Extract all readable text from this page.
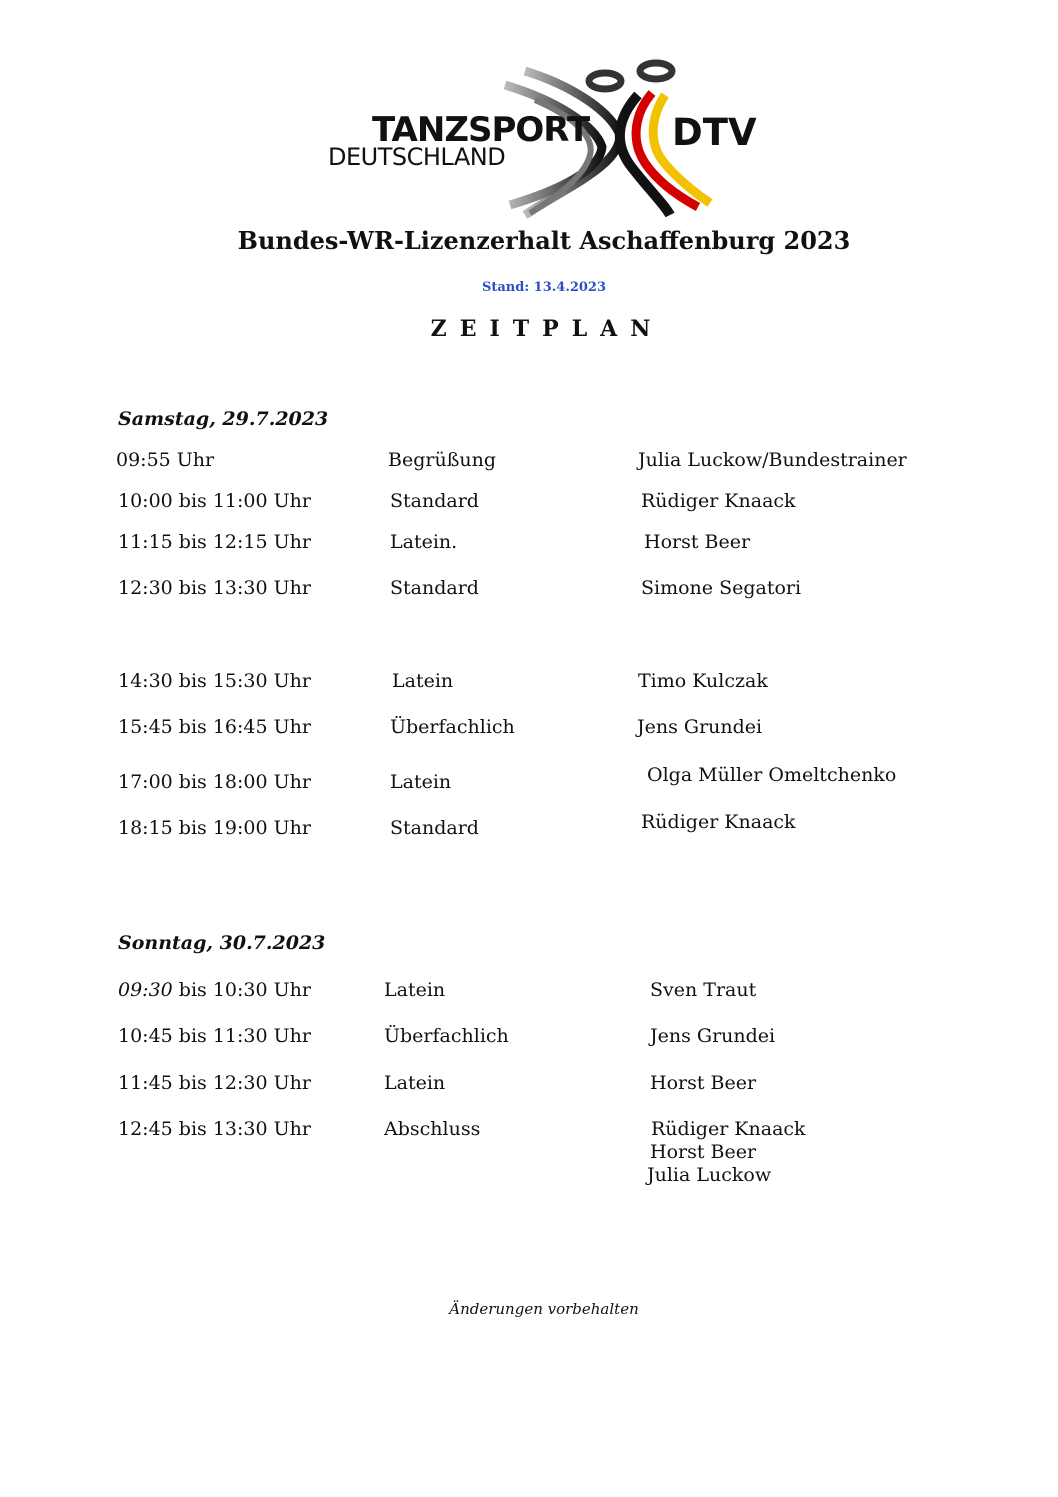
TANZSPORT
DEUTSCHLAND
DTV
Bundes-WR-Lizenzerhalt Aschaffenburg 2023
Stand: 13.4.2023
ZEITPLAN
Samstag, 29.7.2023
09:55 Uhr	Begrüßung	Julia Luckow/Bundestrainer
10:00 bis 11:00 Uhr	Standard	Rüdiger Knaack
11:15 bis 12:15 Uhr	Latein.	Horst Beer
12:30 bis 13:30 Uhr	Standard	Simone Segatori
14:30 bis 15:30 Uhr	Latein	Timo Kulczak
15:45 bis 16:45 Uhr	Überfachlich	Jens Grundei
17:00 bis 18:00 Uhr	Latein	Olga Müller Omeltchenko
18:15 bis 19:00 Uhr	Standard	Rüdiger Knaack
Sonntag, 30.7.2023
09:30 bis 10:30 Uhr	Latein	Sven Traut
10:45 bis 11:30 Uhr	Überfachlich	Jens Grundei
11:45 bis 12:30 Uhr	Latein	Horst Beer
12:45 bis 13:30 Uhr	Abschluss	Rüdiger Knaack
Horst Beer
Julia Luckow
Änderungen vorbehalten
